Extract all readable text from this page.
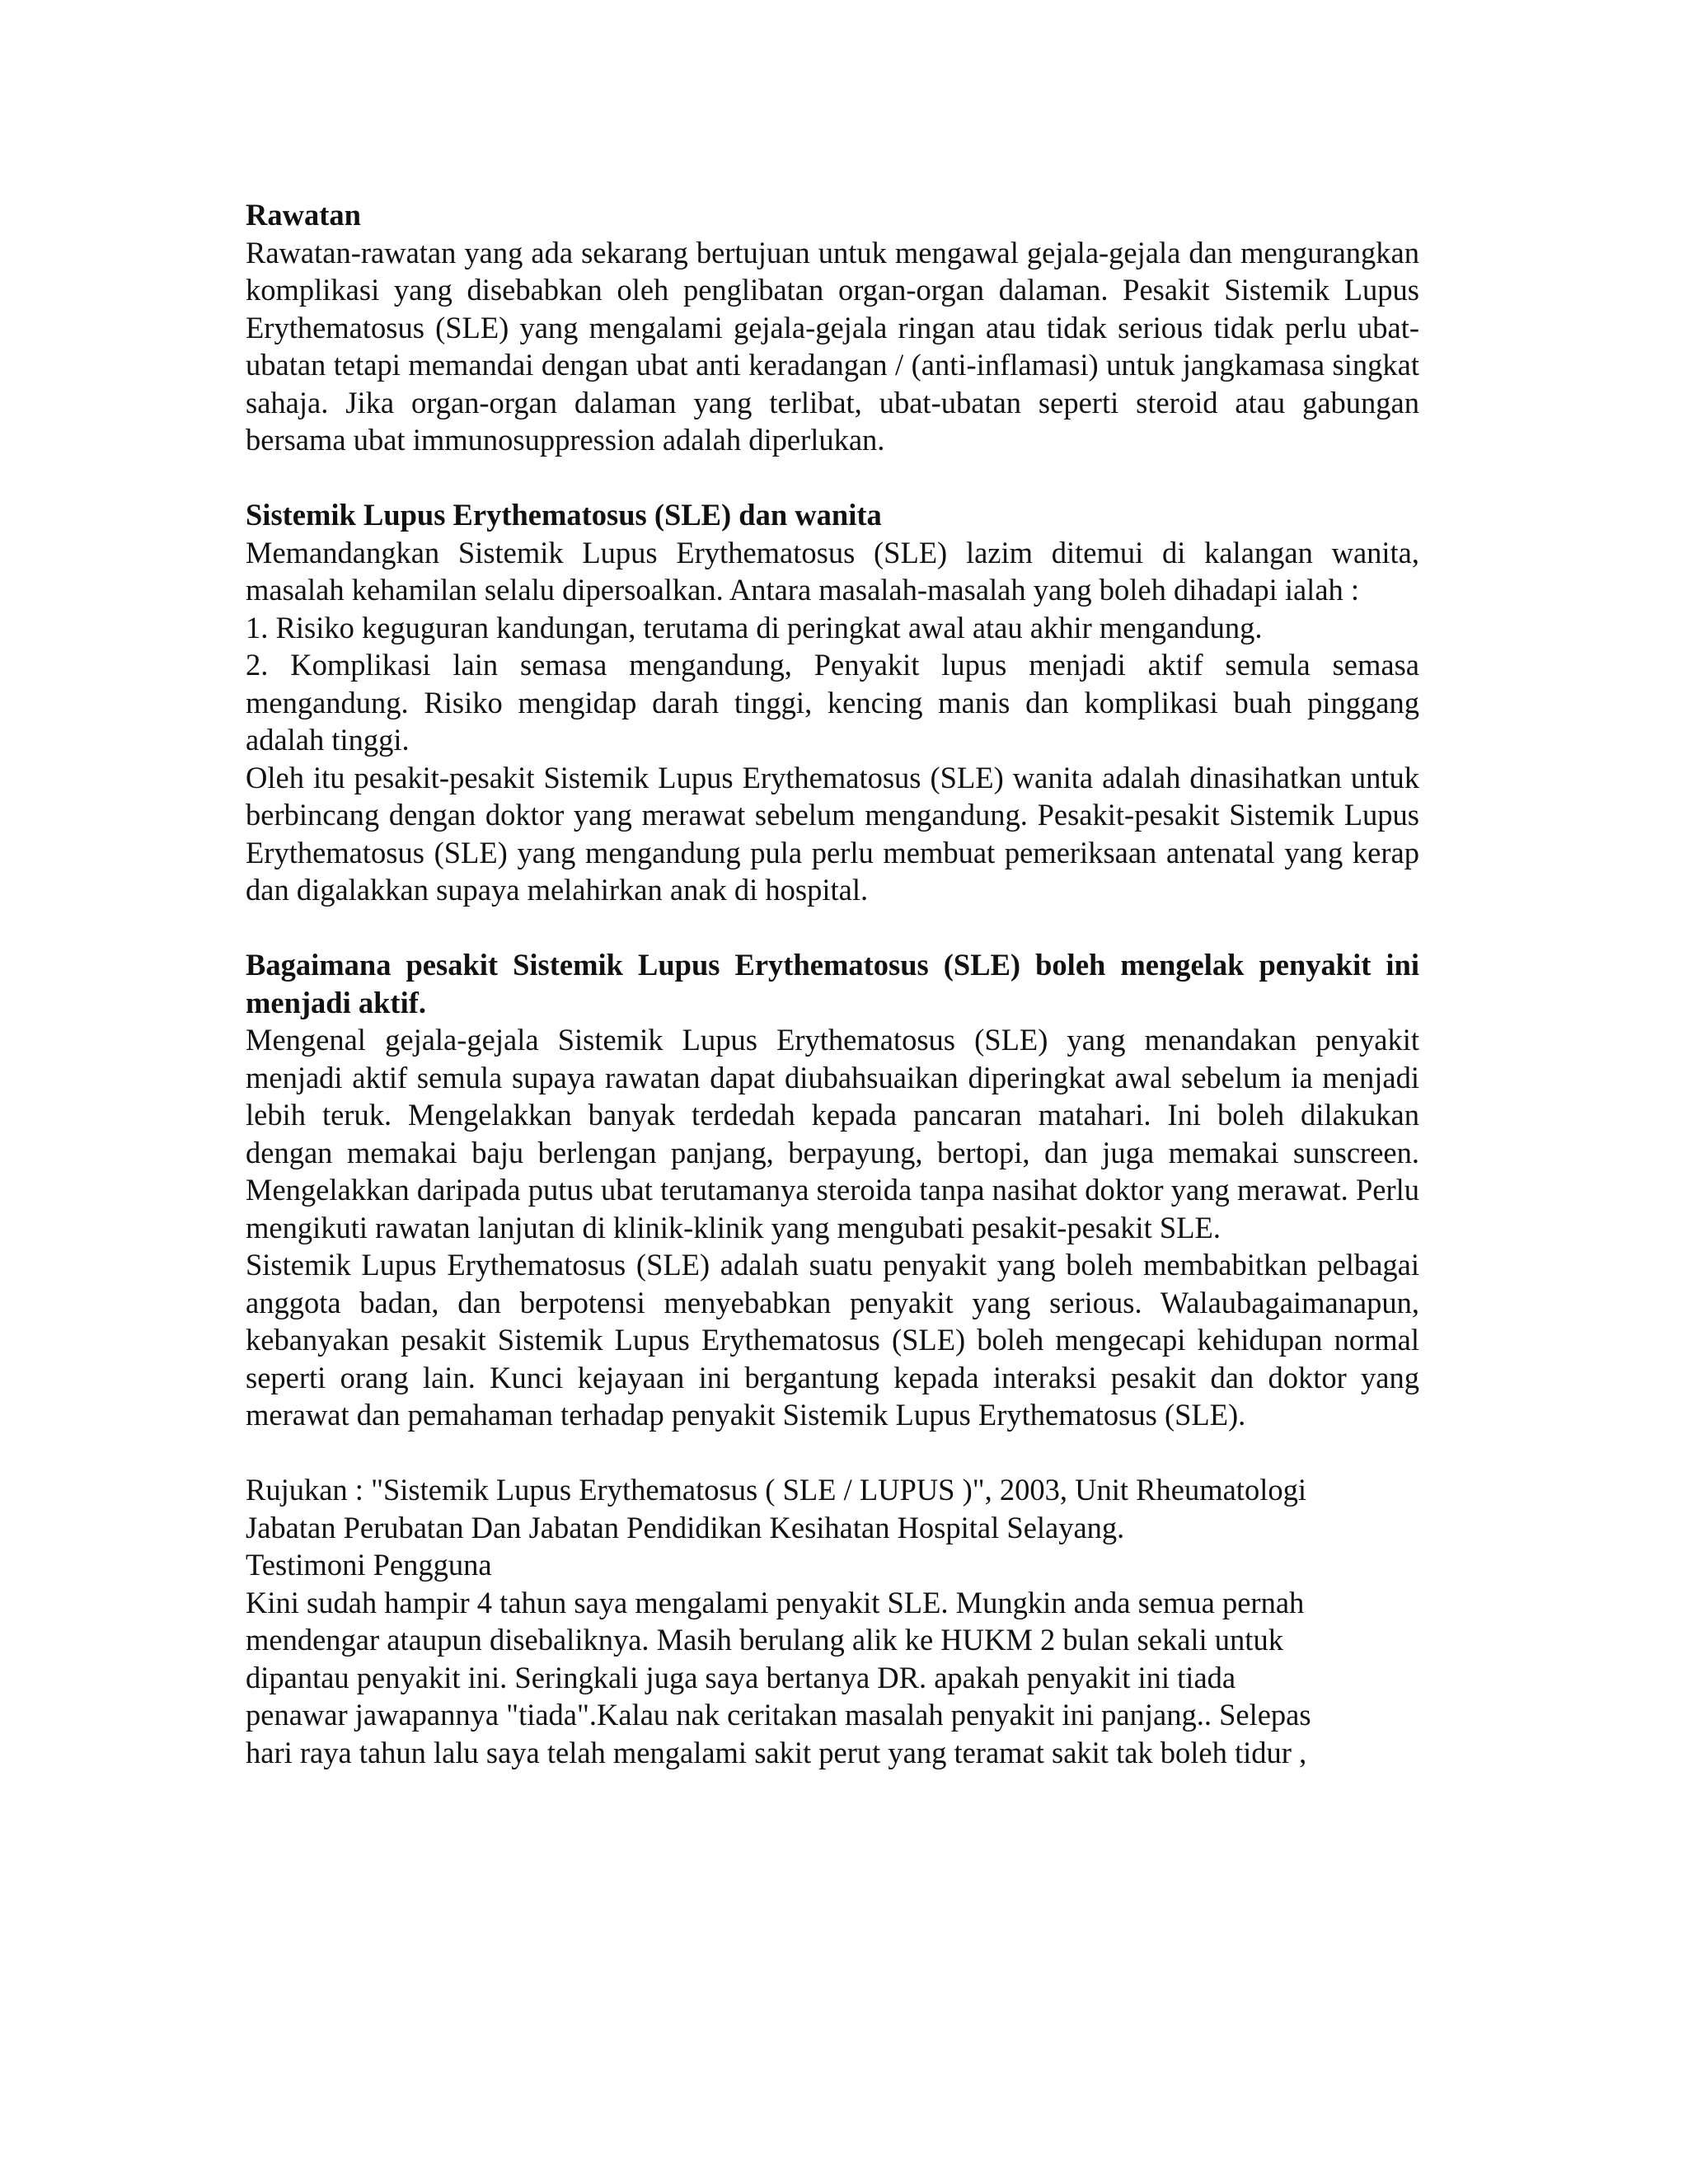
Rawatan

Rawatan-rawatan yang ada sekarang bertujuan untuk mengawal gejala-gejala dan mengurangkan komplikasi yang disebabkan oleh penglibatan organ-organ dalaman. Pesakit Sistemik Lupus Erythematosus (SLE) yang mengalami gejala-gejala ringan atau tidak serious tidak perlu ubat-ubatan tetapi memandai dengan ubat anti keradangan / (anti-inflamasi) untuk jangkamasa singkat sahaja. Jika organ-organ dalaman yang terlibat, ubat-ubatan seperti steroid atau gabungan bersama ubat immunosuppression adalah diperlukan.

Sistemik Lupus Erythematosus (SLE) dan wanita

Memandangkan Sistemik Lupus Erythematosus (SLE) lazim ditemui di kalangan wanita, masalah kehamilan selalu dipersoalkan. Antara masalah-masalah yang boleh dihadapi ialah :

1. Risiko keguguran kandungan, terutama di peringkat awal atau akhir mengandung.

2. Komplikasi lain semasa mengandung, Penyakit lupus menjadi aktif semula semasa mengandung. Risiko mengidap darah tinggi, kencing manis dan komplikasi buah pinggang adalah tinggi.

Oleh itu pesakit-pesakit Sistemik Lupus Erythematosus (SLE) wanita adalah dinasihatkan untuk berbincang dengan doktor yang merawat sebelum mengandung. Pesakit-pesakit Sistemik Lupus Erythematosus (SLE) yang mengandung pula perlu membuat pemeriksaan antenatal yang kerap dan digalakkan supaya melahirkan anak di hospital.

Bagaimana pesakit Sistemik Lupus Erythematosus (SLE) boleh mengelak penyakit ini menjadi aktif.

Mengenal gejala-gejala Sistemik Lupus Erythematosus (SLE) yang menandakan penyakit menjadi aktif semula supaya rawatan dapat diubahsuaikan diperingkat awal sebelum ia menjadi lebih teruk. Mengelakkan banyak terdedah kepada pancaran matahari. Ini boleh dilakukan dengan memakai baju berlengan panjang, berpayung, bertopi, dan juga memakai sunscreen. Mengelakkan daripada putus ubat terutamanya steroida tanpa nasihat doktor yang merawat. Perlu mengikuti rawatan lanjutan di klinik-klinik yang mengubati pesakit-pesakit SLE.

Sistemik Lupus Erythematosus (SLE) adalah suatu penyakit yang boleh membabitkan pelbagai anggota badan, dan berpotensi menyebabkan penyakit yang serious. Walaubagaimanapun, kebanyakan pesakit Sistemik Lupus Erythematosus (SLE) boleh mengecapi kehidupan normal seperti orang lain. Kunci kejayaan ini bergantung kepada interaksi pesakit dan doktor yang merawat dan pemahaman terhadap penyakit Sistemik Lupus Erythematosus (SLE).

Rujukan : "Sistemik Lupus Erythematosus ( SLE / LUPUS )", 2003, Unit Rheumatologi

Jabatan Perubatan Dan Jabatan Pendidikan Kesihatan Hospital Selayang.

Testimoni Pengguna

Kini sudah hampir 4 tahun saya mengalami penyakit SLE. Mungkin anda semua pernah

mendengar ataupun disebaliknya. Masih berulang alik ke HUKM 2 bulan sekali untuk

dipantau penyakit ini. Seringkali juga saya bertanya DR. apakah penyakit ini tiada

penawar jawapannya "tiada".Kalau nak ceritakan masalah penyakit ini panjang.. Selepas

hari raya tahun lalu saya telah mengalami sakit perut yang teramat sakit tak boleh tidur ,
